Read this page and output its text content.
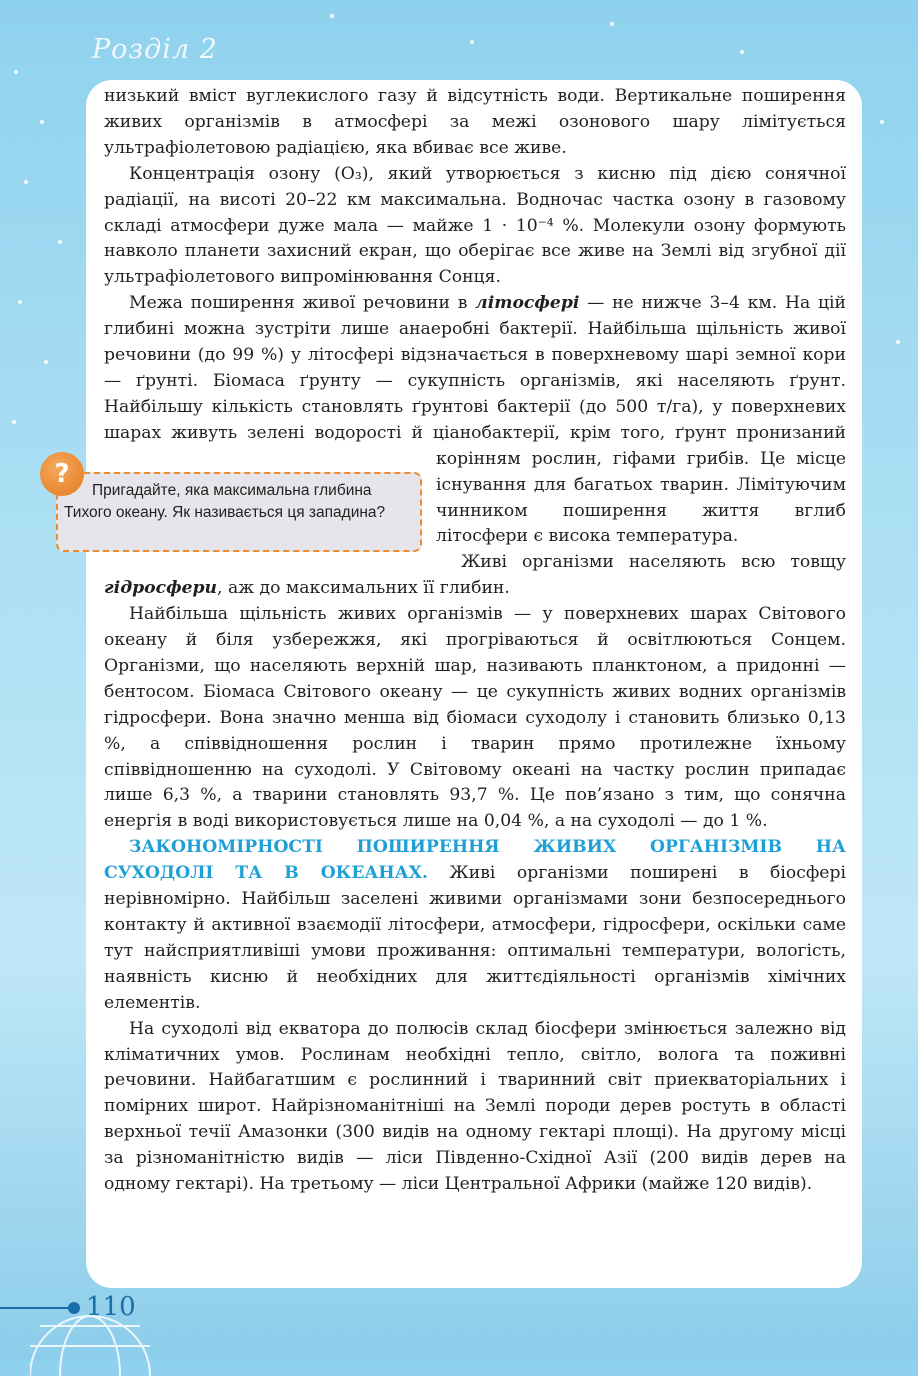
Розділ 2

низький вміст вуглекислого газу й відсутність води. Вертикальне поширення живих організмів в атмосфері за межі озонового шару лімітується ультрафіолетовою радіацією, яка вбиває все живе.

Концентрація озону (O₃), який утворюється з кисню під дією сонячної радіації, на висоті 20–22 км максимальна. Водночас частка озону в газовому складі атмосфери дуже мала — майже 1 · 10⁻⁴ %. Молекули озону формують навколо планети захисний екран, що оберігає все живе на Землі від згубної дії ультрафіолетового випромінювання Сонця.

Межа поширення живої речовини в літосфері — не нижче 3–4 км. На цій глибині можна зустріти лише анаеробні бактерії. Найбільша щільність живої речовини (до 99 %) у літосфері відзначається в поверхневому шарі земної кори — ґрунті. Біомаса ґрунту — сукупність організмів, які населяють ґрунт. Найбільшу кількість становлять ґрунтові бактерії (до 500 т/га), у поверхневих шарах живуть зелені водорості й ціанобактерії,
крім того, ґрунт пронизаний корінням рослин, гіфами грибів. Це місце існування для багатьох тварин. Лімітуючим чинником поширення життя вглиб літосфери є висока температура.

Живі організми населяють всю товщу гідросфери, аж до максимальних її глибин.

Найбільша щільність живих організмів — у поверхневих шарах Світового океану й біля узбережжя, які прогріваються й освітлюються Сонцем. Організми, що населяють верхній шар, називають планктоном, а придонні — бентосом. Біомаса Світового океану — це сукупність живих водних організмів гідросфери. Вона значно менша від біомаси суходолу і становить близько 0,13 %, а співвідношення рослин і тварин прямо протилежне їхньому співвідношенню на суходолі. У Світовому океані на частку рослин припадає лише 6,3 %, а тварини становлять 93,7 %. Це пов’язано з тим, що сонячна енергія в воді використовується лише на 0,04 %, а на суходолі — до 1 %.

ЗАКОНОМІРНОСТІ ПОШИРЕННЯ ЖИВИХ ОРГАНІЗМІВ НА СУХОДОЛІ ТА В ОКЕАНАХ. Живі організми поширені в біосфері нерівномірно. Найбільш заселені живими організмами зони безпосереднього контакту й активної взаємодії літосфери, атмосфери, гідросфери, оскільки саме тут найсприятливіші умови проживання: оптимальні температури, вологість, наявність кисню й необхідних для життєдіяльності організмів хімічних елементів.

На суходолі від екватора до полюсів склад біосфери змінюється залежно від кліматичних умов. Рослинам необхідні тепло, світло, волога та поживні речовини. Найбагатшим є рослинний і тваринний світ приекваторіальних і помірних широт. Найрізноманітніші на Землі породи дерев ростуть в області верхньої течії Амазонки (300 видів на одному гектарі площі). На другому місці за різноманітністю видів — ліси Південно-Східної Азії (200 видів дерев на одному гектарі). На третьому — ліси Центральної Африки (майже 120 видів).

Пригадайте, яка максимальна глибина Тихого океану. Як називається ця западина?
?
110
